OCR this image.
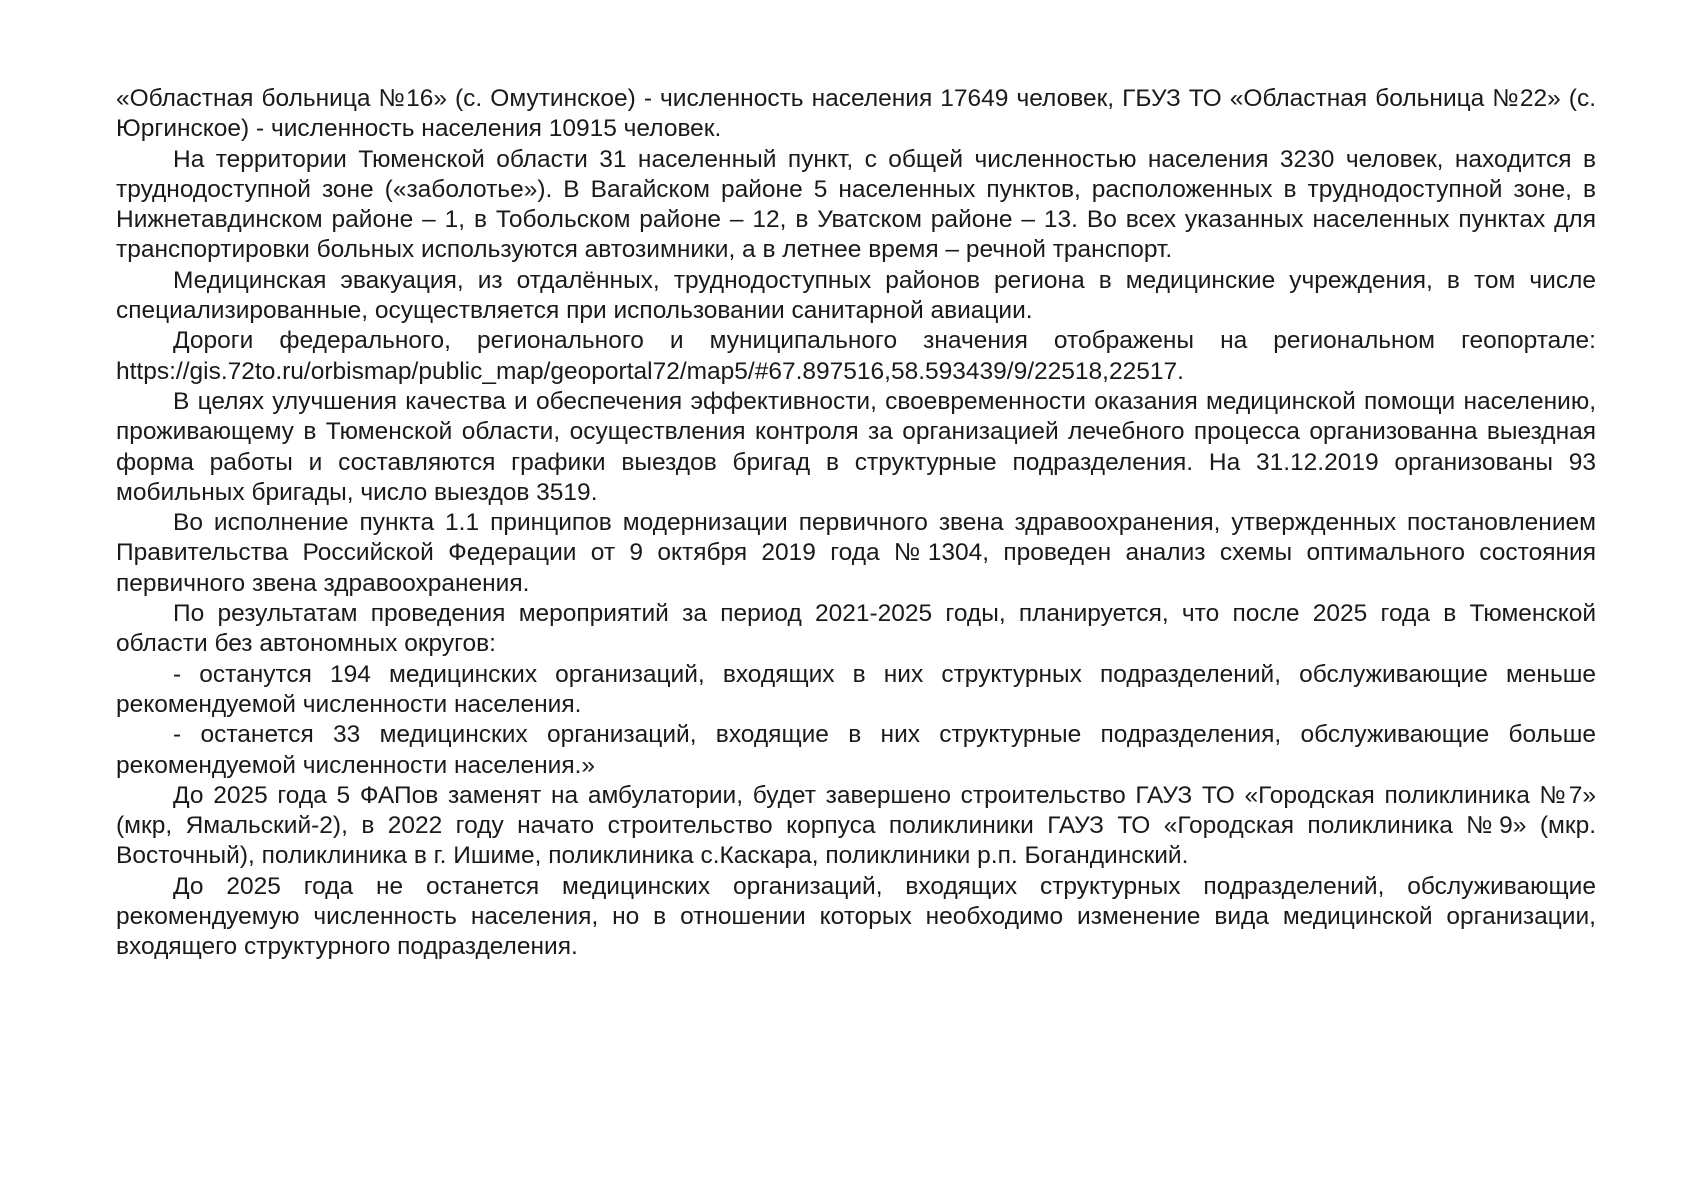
«Областная больница №16» (с. Омутинское) - численность населения 17649 человек, ГБУЗ ТО «Областная больница №22» (с. Юргинское) - численность населения 10915 человек.

На территории Тюменской области 31 населенный пункт, с общей численностью населения 3230 человек, находится в труднодоступной зоне («заболотье»). В Вагайском районе 5 населенных пунктов, расположенных в труднодоступной зоне, в Нижнетавдинском районе – 1, в Тобольском районе – 12, в Уватском районе – 13. Во всех указанных населенных пунктах для транспортировки больных используются автозимники, а в летнее время – речной транспорт.

Медицинская эвакуация, из отдалённых, труднодоступных районов региона в медицинские учреждения, в том числе специализированные, осуществляется при использовании санитарной авиации.

Дороги федерального, регионального и муниципального значения отображены на региональном геопортале: https://gis.72to.ru/orbismap/public_map/geoportal72/map5/#67.897516,58.593439/9/22518,22517.

В целях улучшения качества и обеспечения эффективности, своевременности оказания медицинской помощи населению, проживающему в Тюменской области, осуществления контроля за организацией лечебного процесса организованна выездная форма работы и составляются графики выездов бригад в структурные подразделения. На 31.12.2019 организованы 93 мобильных бригады, число выездов 3519.

Во исполнение пункта 1.1 принципов модернизации первичного звена здравоохранения, утвержденных постановлением Правительства Российской Федерации от 9 октября 2019 года №1304, проведен анализ схемы оптимального состояния первичного звена здравоохранения.

По результатам проведения мероприятий за период 2021-2025 годы, планируется, что после 2025 года в Тюменской области без автономных округов:

- останутся 194 медицинских организаций, входящих в них структурных подразделений, обслуживающие меньше рекомендуемой численности населения.

- останется 33 медицинских организаций, входящие в них структурные подразделения, обслуживающие больше рекомендуемой численности населения.»

До 2025 года 5 ФАПов заменят на амбулатории, будет завершено строительство ГАУЗ ТО «Городская поликлиника №7» (мкр, Ямальский-2), в 2022 году начато строительство корпуса поликлиники ГАУЗ ТО «Городская поликлиника №9» (мкр. Восточный), поликлиника в г. Ишиме, поликлиника с.Каскара, поликлиники р.п. Богандинский.

До 2025 года не останется медицинских организаций, входящих структурных подразделений, обслуживающие рекомендуемую численность населения, но в отношении которых необходимо изменение вида медицинской организации, входящего структурного подразделения.
